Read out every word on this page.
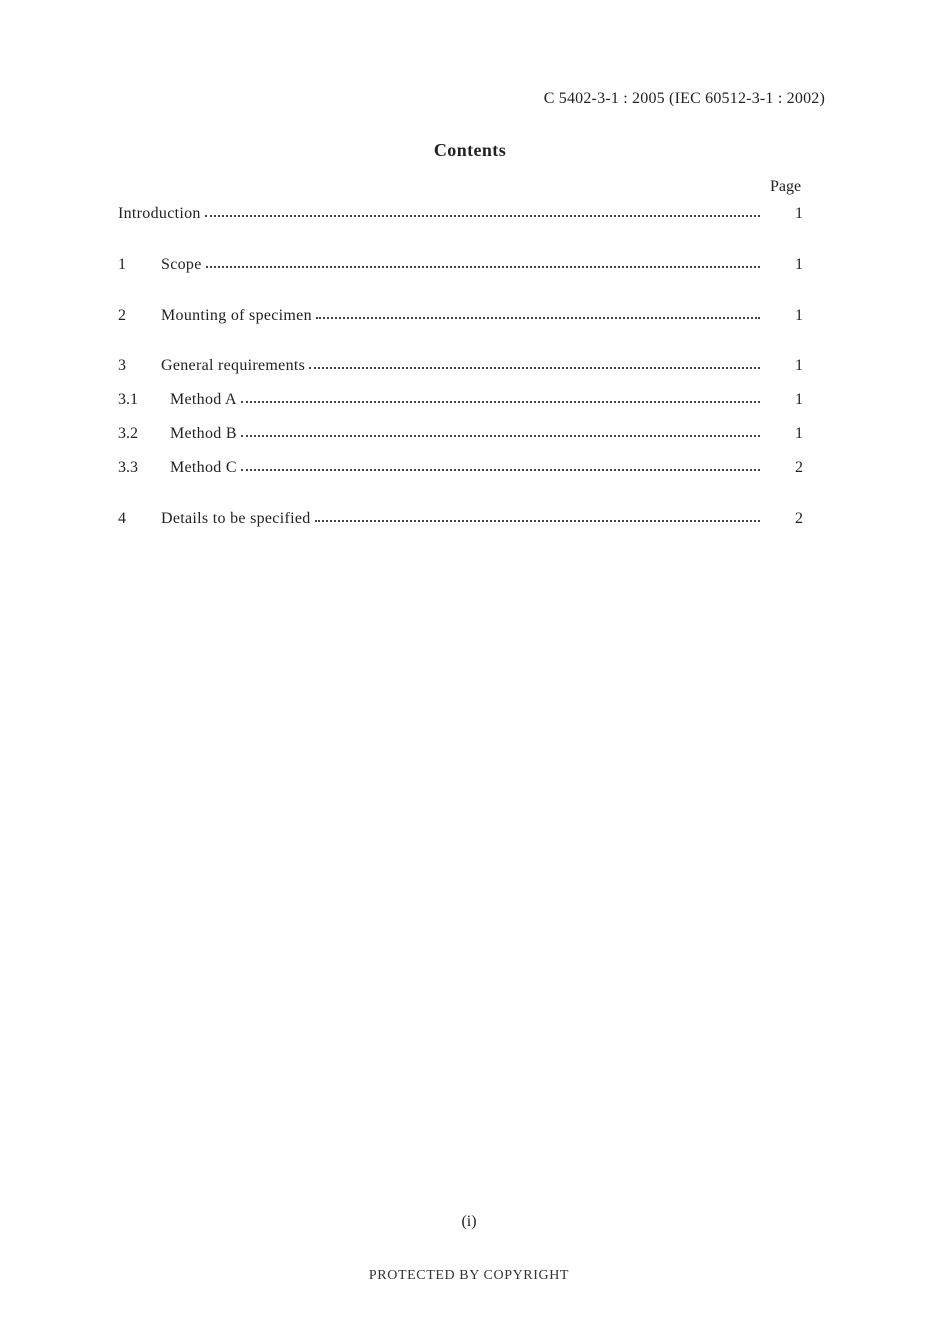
C 5402-3-1 : 2005 (IEC 60512-3-1 : 2002)
Contents
Page
Introduction	1
1	Scope	1
2	Mounting of specimen	1
3	General requirements	1
3.1	Method A	1
3.2	Method B	1
3.3	Method C	2
4	Details to be specified	2
(i)
PROTECTED BY COPYRIGHT
